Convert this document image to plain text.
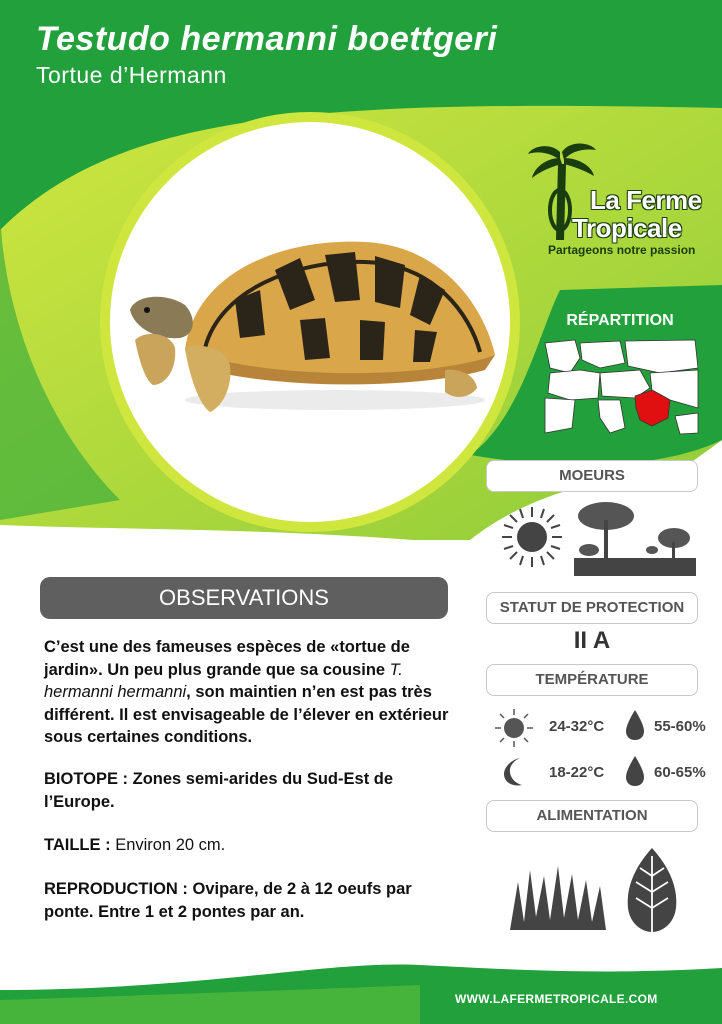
Testudo hermanni boettgeri
Tortue d’Hermann
La Ferme
Tropicale
Partageons notre passion
RÉPARTITION
MOEURS
STATUT DE PROTECTION
II A
TEMPÉRATURE
24-32°C	55-60%
18-22°C	60-65%
ALIMENTATION
OBSERVATIONS
C’est une des fameuses espèces de «tortue de jardin». Un peu plus grande que sa cousine T. hermanni hermanni, son maintien n’en est pas très différent. Il est envisageable de l’élever en extérieur sous certaines conditions.
BIOTOPE : Zones semi-arides du Sud-Est de l’Europe.
TAILLE : Environ 20 cm.
REPRODUCTION : Ovipare, de 2 à 12 oeufs par ponte. Entre 1 et 2 pontes par an.
WWW.LAFERMETROPICALE.COM
